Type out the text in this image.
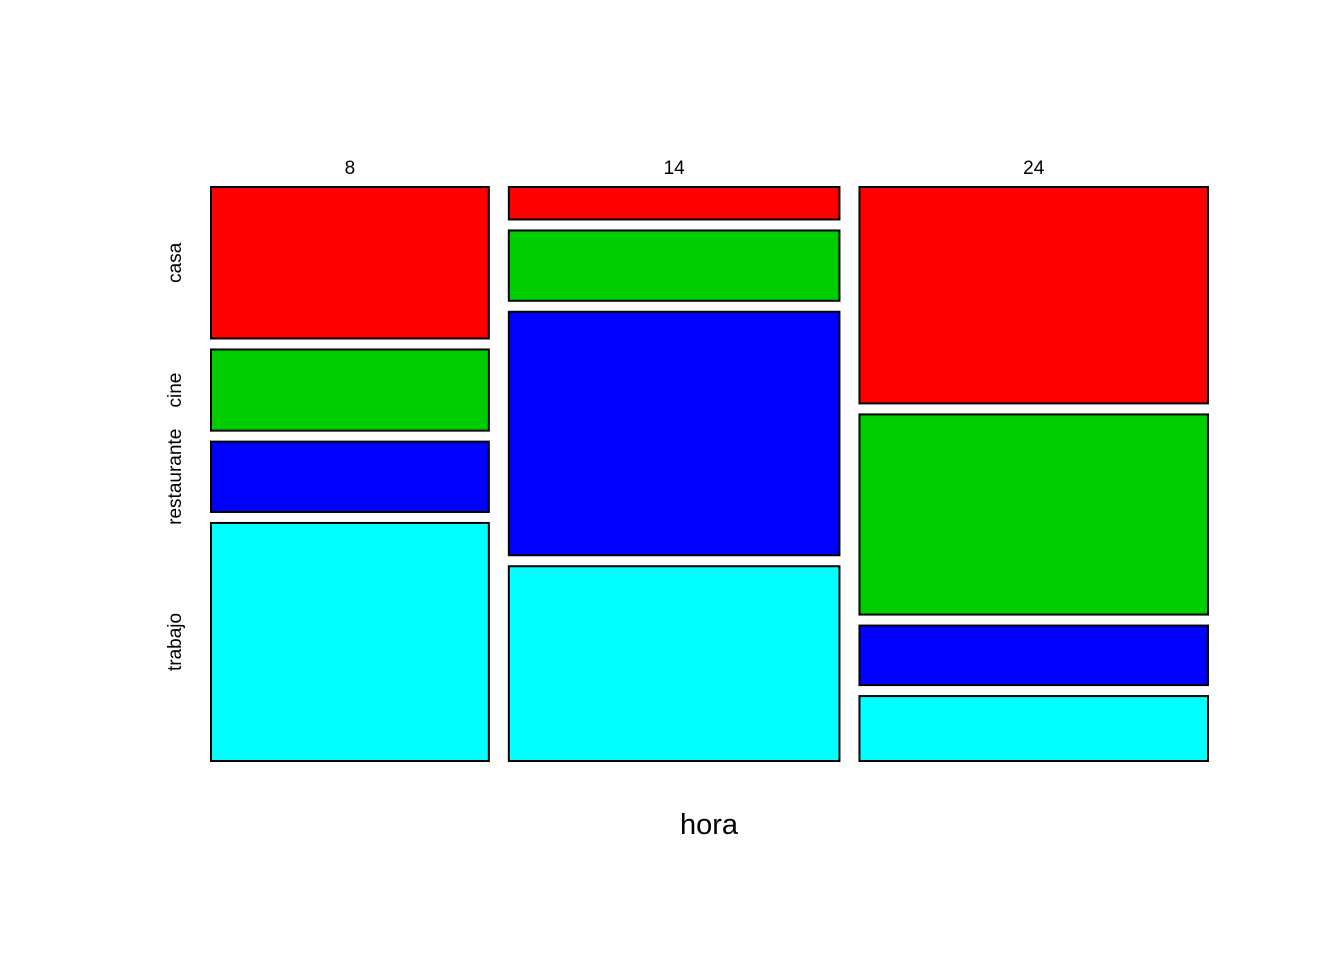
8	14	24
casa
cine
restaurante
trabajo
hora
